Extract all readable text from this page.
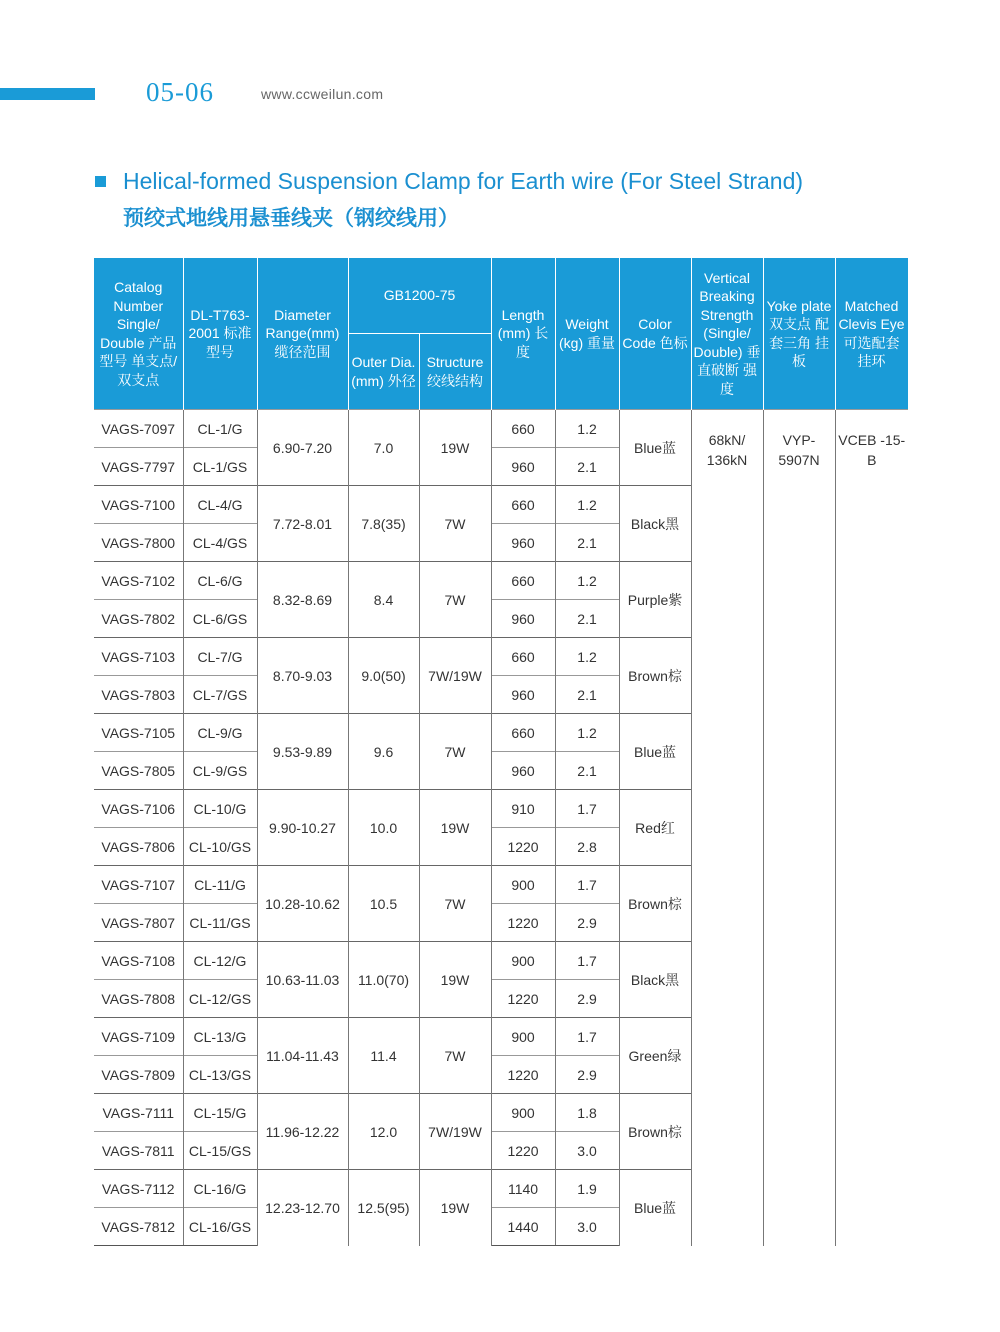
05-06	www.ccweilun.com
Helical-formed Suspension Clamp for Earth wire (For Steel Strand)
预绞式地线用悬垂线夹（钢绞线用）
Catalog Number Single/ Double 产品型号 单支点/ 双支点	DL-T763-2001 标准型号	Diameter Range(mm) 缆径范围	GB1200-75		Length (mm) 长度	Weight (kg) 重量	Color Code 色标	Vertical Breaking Strength (Single/ Double) 垂直破断 强度	Yoke plate 双支点 配套三角 挂板	Matched Clevis Eye 可选配套 挂环
			Outer Dia.(mm) 外径	Structure 绞线结构						
VAGS-7097	CL-1/G	6.90-7.20	7.0	19W	660	1.2	Blue蓝	68kN/ 136kN	VYP- 5907N	VCEB -15-B
VAGS-7797	CL-1/GS				960	2.1				
VAGS-7100	CL-4/G	7.72-8.01	7.8(35)	7W	660	1.2	Black黑			
VAGS-7800	CL-4/GS				960	2.1				
VAGS-7102	CL-6/G	8.32-8.69	8.4	7W	660	1.2	Purple紫			
VAGS-7802	CL-6/GS				960	2.1				
VAGS-7103	CL-7/G	8.70-9.03	9.0(50)	7W/19W	660	1.2	Brown棕			
VAGS-7803	CL-7/GS				960	2.1				
VAGS-7105	CL-9/G	9.53-9.89	9.6	7W	660	1.2	Blue蓝			
VAGS-7805	CL-9/GS				960	2.1				
VAGS-7106	CL-10/G	9.90-10.27	10.0	19W	910	1.7	Red红			
VAGS-7806	CL-10/GS				1220	2.8				
VAGS-7107	CL-11/G	10.28-10.62	10.5	7W	900	1.7	Brown棕			
VAGS-7807	CL-11/GS				1220	2.9				
VAGS-7108	CL-12/G	10.63-11.03	11.0(70)	19W	900	1.7	Black黑			
VAGS-7808	CL-12/GS				1220	2.9				
VAGS-7109	CL-13/G	11.04-11.43	11.4	7W	900	1.7	Green绿			
VAGS-7809	CL-13/GS				1220	2.9				
VAGS-7111	CL-15/G	11.96-12.22	12.0	7W/19W	900	1.8	Brown棕			
VAGS-7811	CL-15/GS				1220	3.0				
VAGS-7112	CL-16/G	12.23-12.70	12.5(95)	19W	1140	1.9	Blue蓝			
VAGS-7812	CL-16/GS				1440	3.0				
